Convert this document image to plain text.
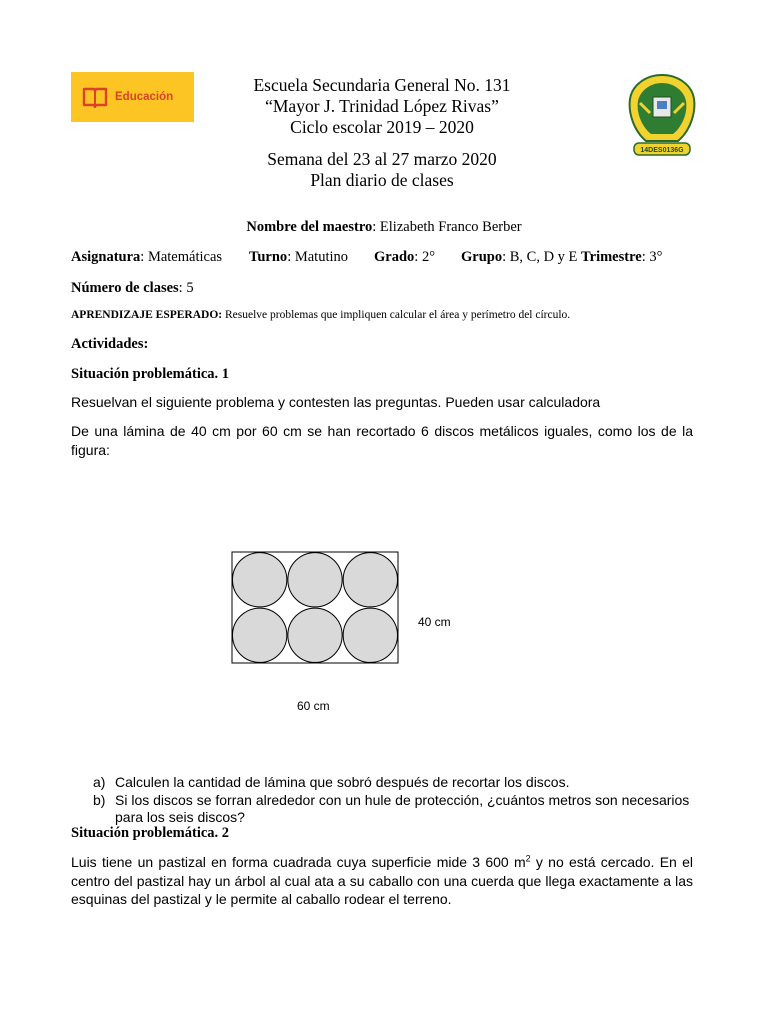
Educación
Escuela Secundaria General No. 131
“Mayor J. Trinidad López Rivas”
Ciclo escolar 2019 – 2020
Semana del 23 al 27 marzo 2020
Plan diario de clases
14DES0136G
Nombre del maestro: Elizabeth Franco Berber
Asignatura: Matemáticas Turno: Matutino Grado: 2° Grupo: B, C, D y E Trimestre: 3°
Número de clases: 5
APRENDIZAJE ESPERADO: Resuelve problemas que impliquen calcular el área y perímetro del círculo.
Actividades:
Situación problemática. 1
Resuelvan el siguiente problema y contesten las preguntas. Pueden usar calculadora
De una lámina de 40 cm por 60 cm se han recortado 6 discos metálicos iguales, como los de la figura:
40 cm
60 cm
a) Calculen la cantidad de lámina que sobró después de recortar los discos.
b) Si los discos se forran alrededor con un hule de protección, ¿cuántos metros son necesarios para los seis discos?
Situación problemática. 2
Luis tiene un pastizal en forma cuadrada cuya superficie mide 3 600 $m^2$ y no está cercado. En el centro del pastizal hay un árbol al cual ata a su caballo con una cuerda que llega exactamente a las esquinas del pastizal y le permite al caballo rodear el terreno.
